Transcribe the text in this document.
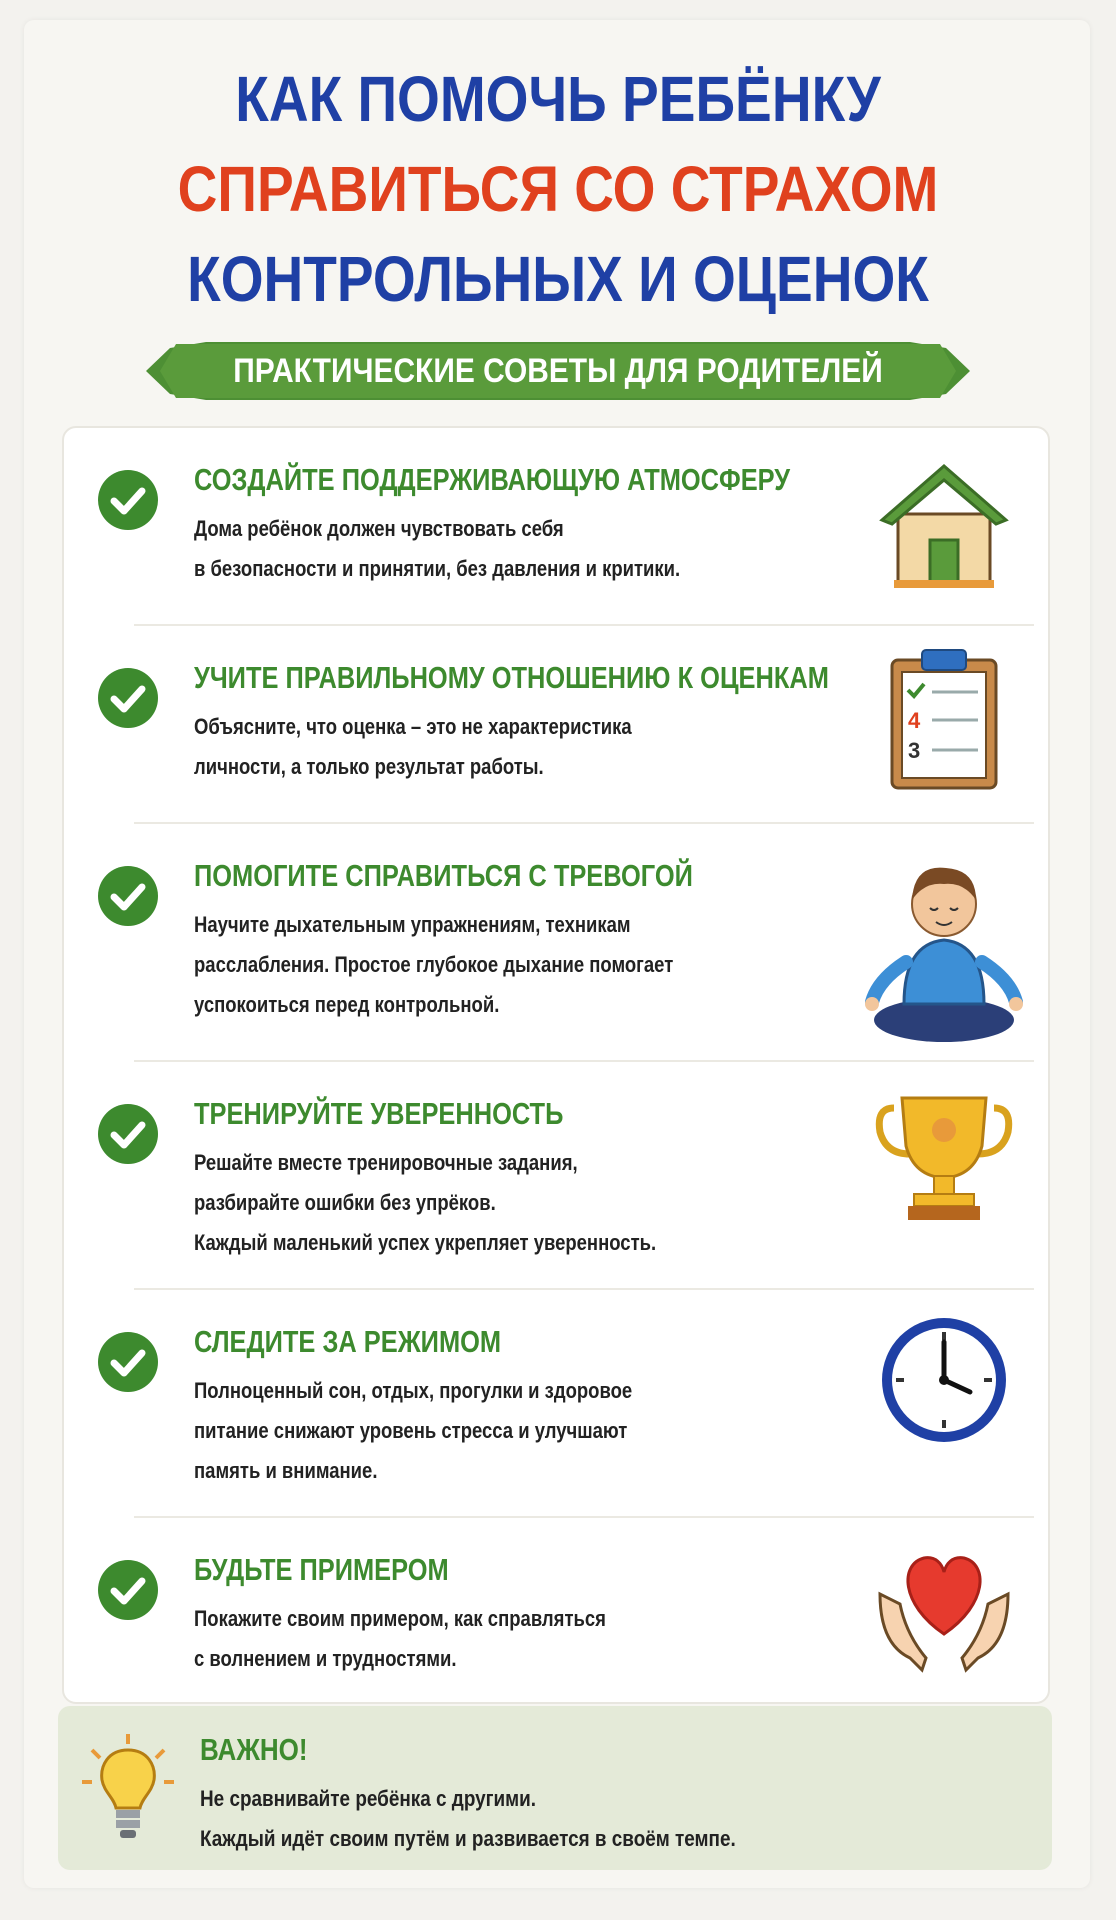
КАК ПОМОЧЬ РЕБЁНКУ
СПРАВИТЬСЯ СО СТРАХОМ
КОНТРОЛЬНЫХ И ОЦЕНОК
ПРАКТИЧЕСКИЕ СОВЕТЫ ДЛЯ РОДИТЕЛЕЙ
СОЗДАЙТЕ ПОДДЕРЖИВАЮЩУЮ АТМОСФЕРУ
Дома ребёнок должен чувствовать себя
в безопасности и принятии, без давления и критики.
УЧИТЕ ПРАВИЛЬНОМУ ОТНОШЕНИЮ К ОЦЕНКАМ
Объясните, что оценка – это не характеристика
личности, а только результат работы.
4
3
ПОМОГИТЕ СПРАВИТЬСЯ С ТРЕВОГОЙ
Научите дыхательным упражнениям, техникам
расслабления. Простое глубокое дыхание помогает
успокоиться перед контрольной.
ТРЕНИРУЙТЕ УВЕРЕННОСТЬ
Решайте вместе тренировочные задания,
разбирайте ошибки без упрёков.
Каждый маленький успех укрепляет уверенность.
СЛЕДИТЕ ЗА РЕЖИМОМ
Полноценный сон, отдых, прогулки и здоровое
питание снижают уровень стресса и улучшают
память и внимание.
БУДЬТЕ ПРИМЕРОМ
Покажите своим примером, как справляться
с волнением и трудностями.
ВАЖНО!
Не сравнивайте ребёнка с другими.
Каждый идёт своим путём и развивается в своём темпе.
